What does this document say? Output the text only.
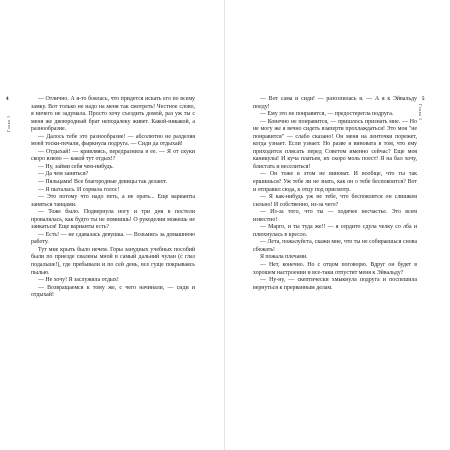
4
Глава 1

— Отлично. А я-то боялась, что придется искать его по всему замку. Вот только не надо на меня так смотреть! Честное слово, я ничего не задумала. Просто хочу съездить домой, раз уж ты с меня же двоюродный брат неподалеку живет. Какой-никакой, а разнообразие.

— Далось тебе это разнообразие! — абсолютно не разделяя моей тоски-печали, фыркнула подруга. — Сиди да отдыхай!

— Отдыхай! — кривляясь, передразнила я ее. — Я от скуки скоро взвою — какой тут отдых!?

— Ну, займи себя чем-нибудь.

— Да чем заняться?

— Пяльцами! Все благородные девицы так делают.

— Я пыталась. И сорвала голос!

— Это потому что надо петь, а не орать... Еще варианты заняться танцами.

— Тоже было. Подвернула ногу и три дня в постели провалялась, как будто ты не помнишь! О рукоделии можешь не заикаться! Еще варианты есть?

— Есть! — не сдавалась девушка. — Возьмись за домашнюю работу.

Тут мне крыть было нечем. Горы занудных учебных пособий были по приезде свалены мной в самый дальний чулан (с глаз подальше!), где пребывали и по сей день, все гуще покрываясь пылью.

— Не хочу! Я заслужила отдых!

— Возвращаемся к тому же, с чего начинали, — сиди и отдыхай!

5
Глава 1

— Вот сама и сиди! — разозлилась я. — А я к Эйвальду поеду!

— Ему это не понравится, — предостерегла подруга.

— Конечно не понравится, — пришлось признать мне. — Но не могу же я вечно сидеть взаперти прохлаждаться! Это моя "не понравится" — слабо сказано! Он меня на ленточки порежет, когда узнает. Если узнает. Но разве я виновата в том, что ему приходится плясать перед Советом именно сейчас? Еще моя каникулы! И куча платьев, их скоро моль поест! Я на бал хочу, блистать и веселиться!

— Он тоже в этом не виноват. И вообще, что ты так ершишься? Уж тебе ли не знать, как он о тебе беспокоится? Вот и отправил сюда, к отцу под присмотр.

— Я как-нибудь уж не тебе, что беспокоится он слишком сильно! И собственно, из-за чего?

— Из-за того, что ты — ходячее несчастье. Это всем известно!

— Марго, и ты туда же!! — я сердито сдула челку со лба и плюхнулась в кресло.

— Лета, пожалуйста, скажи мне, что ты не собираешься снова сбежать!

Я пожала плечами.

— Нет, конечно. Но с отцом поговорю. Вдруг он будет в хорошем настроении и все-таки отпустит меня к Эйвальду?

— Ну-ну, — скептически хмыкнула подруга и поспешила вернуться к прерванным делам.
